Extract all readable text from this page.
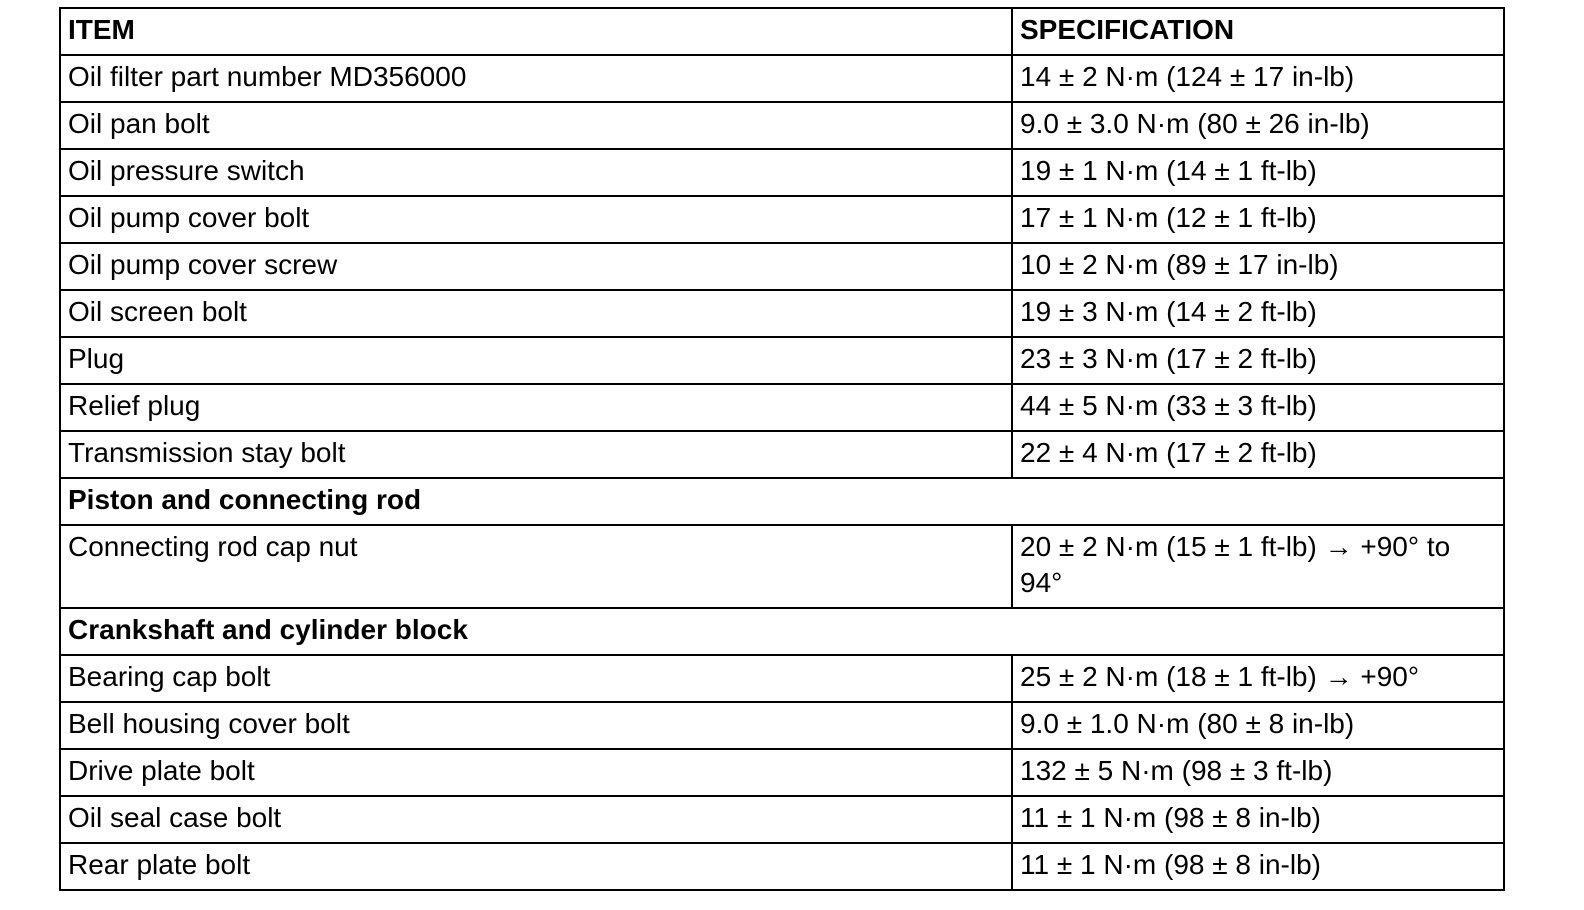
ITEM	SPECIFICATION
Oil filter part number MD356000	14 ± 2 N·m (124 ± 17 in-lb)
Oil pan bolt	9.0 ± 3.0 N·m (80 ± 26 in-lb)
Oil pressure switch	19 ± 1 N·m (14 ± 1 ft-lb)
Oil pump cover bolt	17 ± 1 N·m (12 ± 1 ft-lb)
Oil pump cover screw	10 ± 2 N·m (89 ± 17 in-lb)
Oil screen bolt	19 ± 3 N·m (14 ± 2 ft-lb)
Plug	23 ± 3 N·m (17 ± 2 ft-lb)
Relief plug	44 ± 5 N·m (33 ± 3 ft-lb)
Transmission stay bolt	22 ± 4 N·m (17 ± 2 ft-lb)
Piston and connecting rod	
Connecting rod cap nut	20 ± 2 N·m (15 ± 1 ft-lb) → +90° to 94°
Crankshaft and cylinder block	
Bearing cap bolt	25 ± 2 N·m (18 ± 1 ft-lb) → +90°
Bell housing cover bolt	9.0 ± 1.0 N·m (80 ± 8 in-lb)
Drive plate bolt	132 ± 5 N·m (98 ± 3 ft-lb)
Oil seal case bolt	11 ± 1 N·m (98 ± 8 in-lb)
Rear plate bolt	11 ± 1 N·m (98 ± 8 in-lb)
